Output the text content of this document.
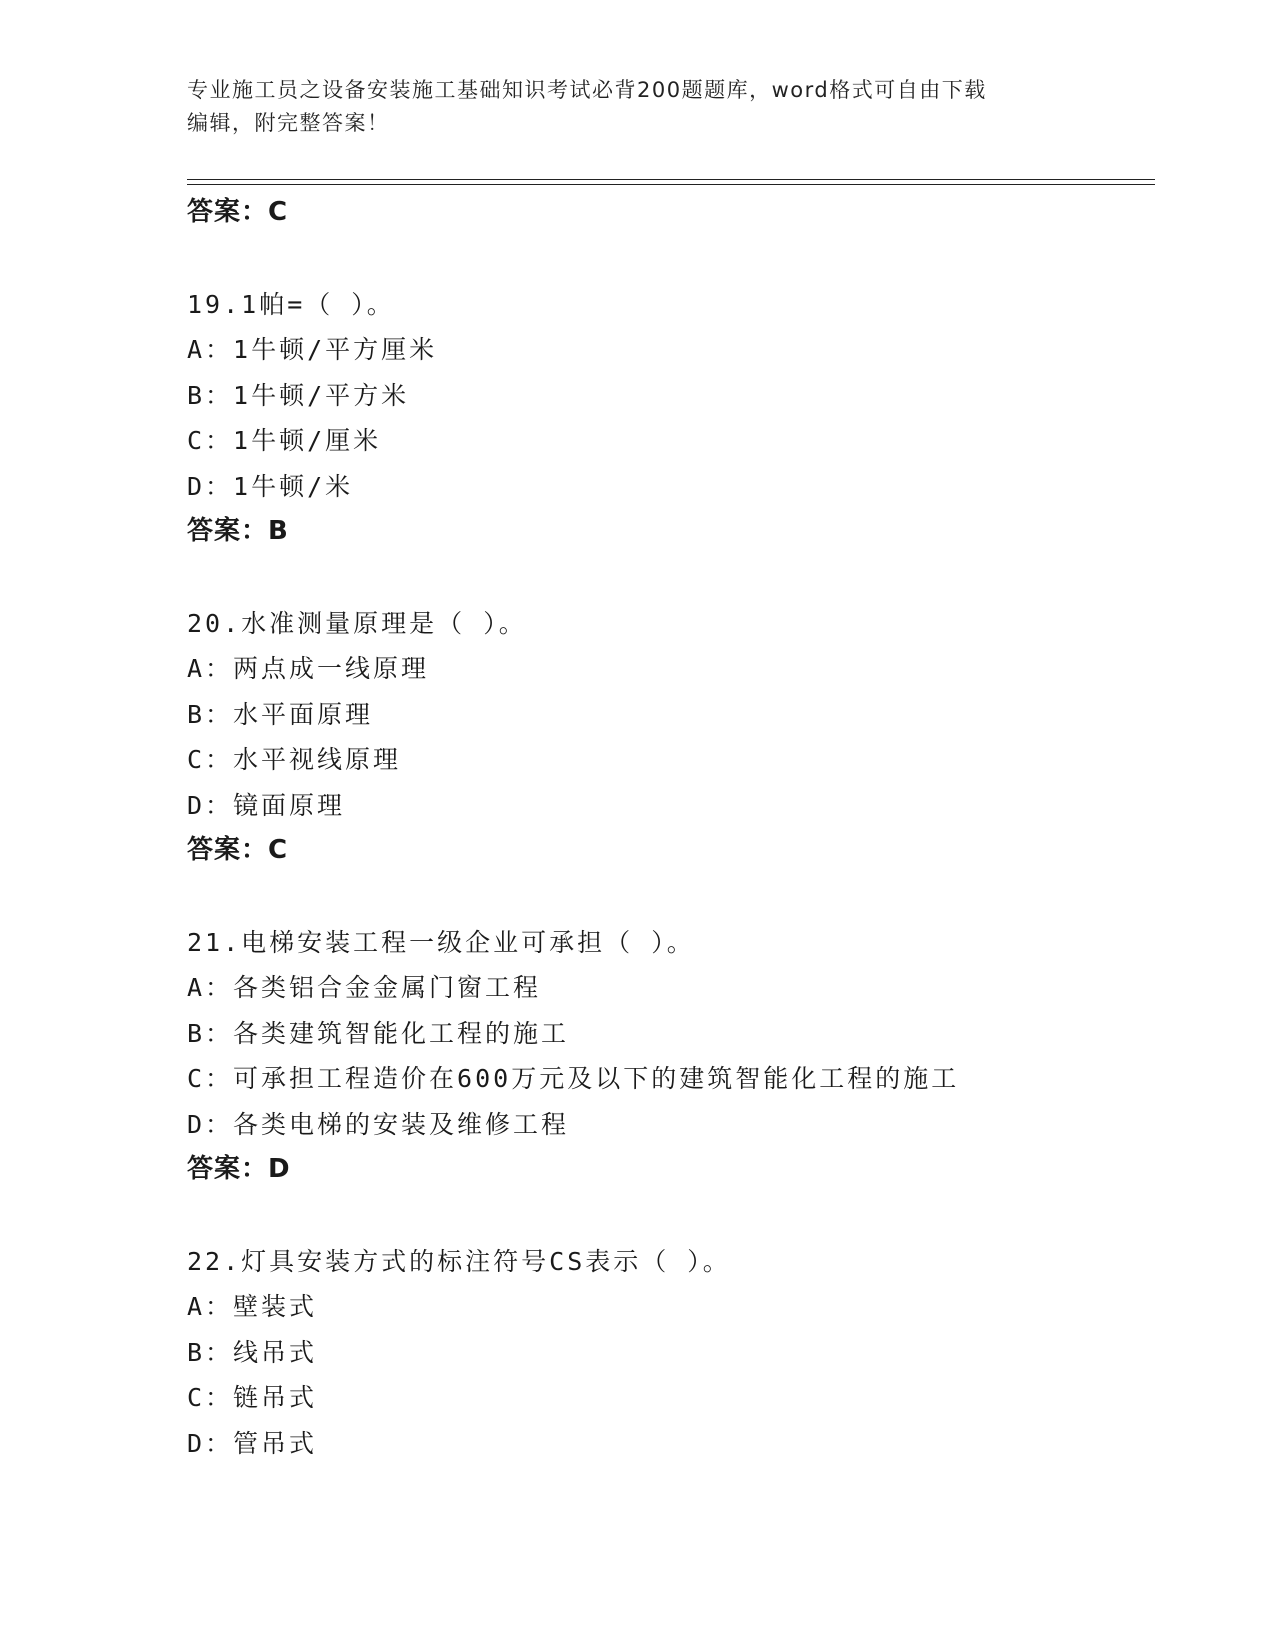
专业施工员之设备安装施工基础知识考试必背200题题库，word格式可自由下载
编辑，附完整答案！
答案：C
19.1帕=（ ）。
A：1牛顿/平方厘米
B：1牛顿/平方米
C：1牛顿/厘米
D：1牛顿/米
答案：B
20.水准测量原理是（ ）。
A：两点成一线原理
B：水平面原理
C：水平视线原理
D：镜面原理
答案：C
21.电梯安装工程一级企业可承担（ ）。
A：各类铝合金金属门窗工程
B：各类建筑智能化工程的施工
C：可承担工程造价在600万元及以下的建筑智能化工程的施工
D：各类电梯的安装及维修工程
答案：D
22.灯具安装方式的标注符号CS表示（ ）。
A：壁装式
B：线吊式
C：链吊式
D：管吊式
